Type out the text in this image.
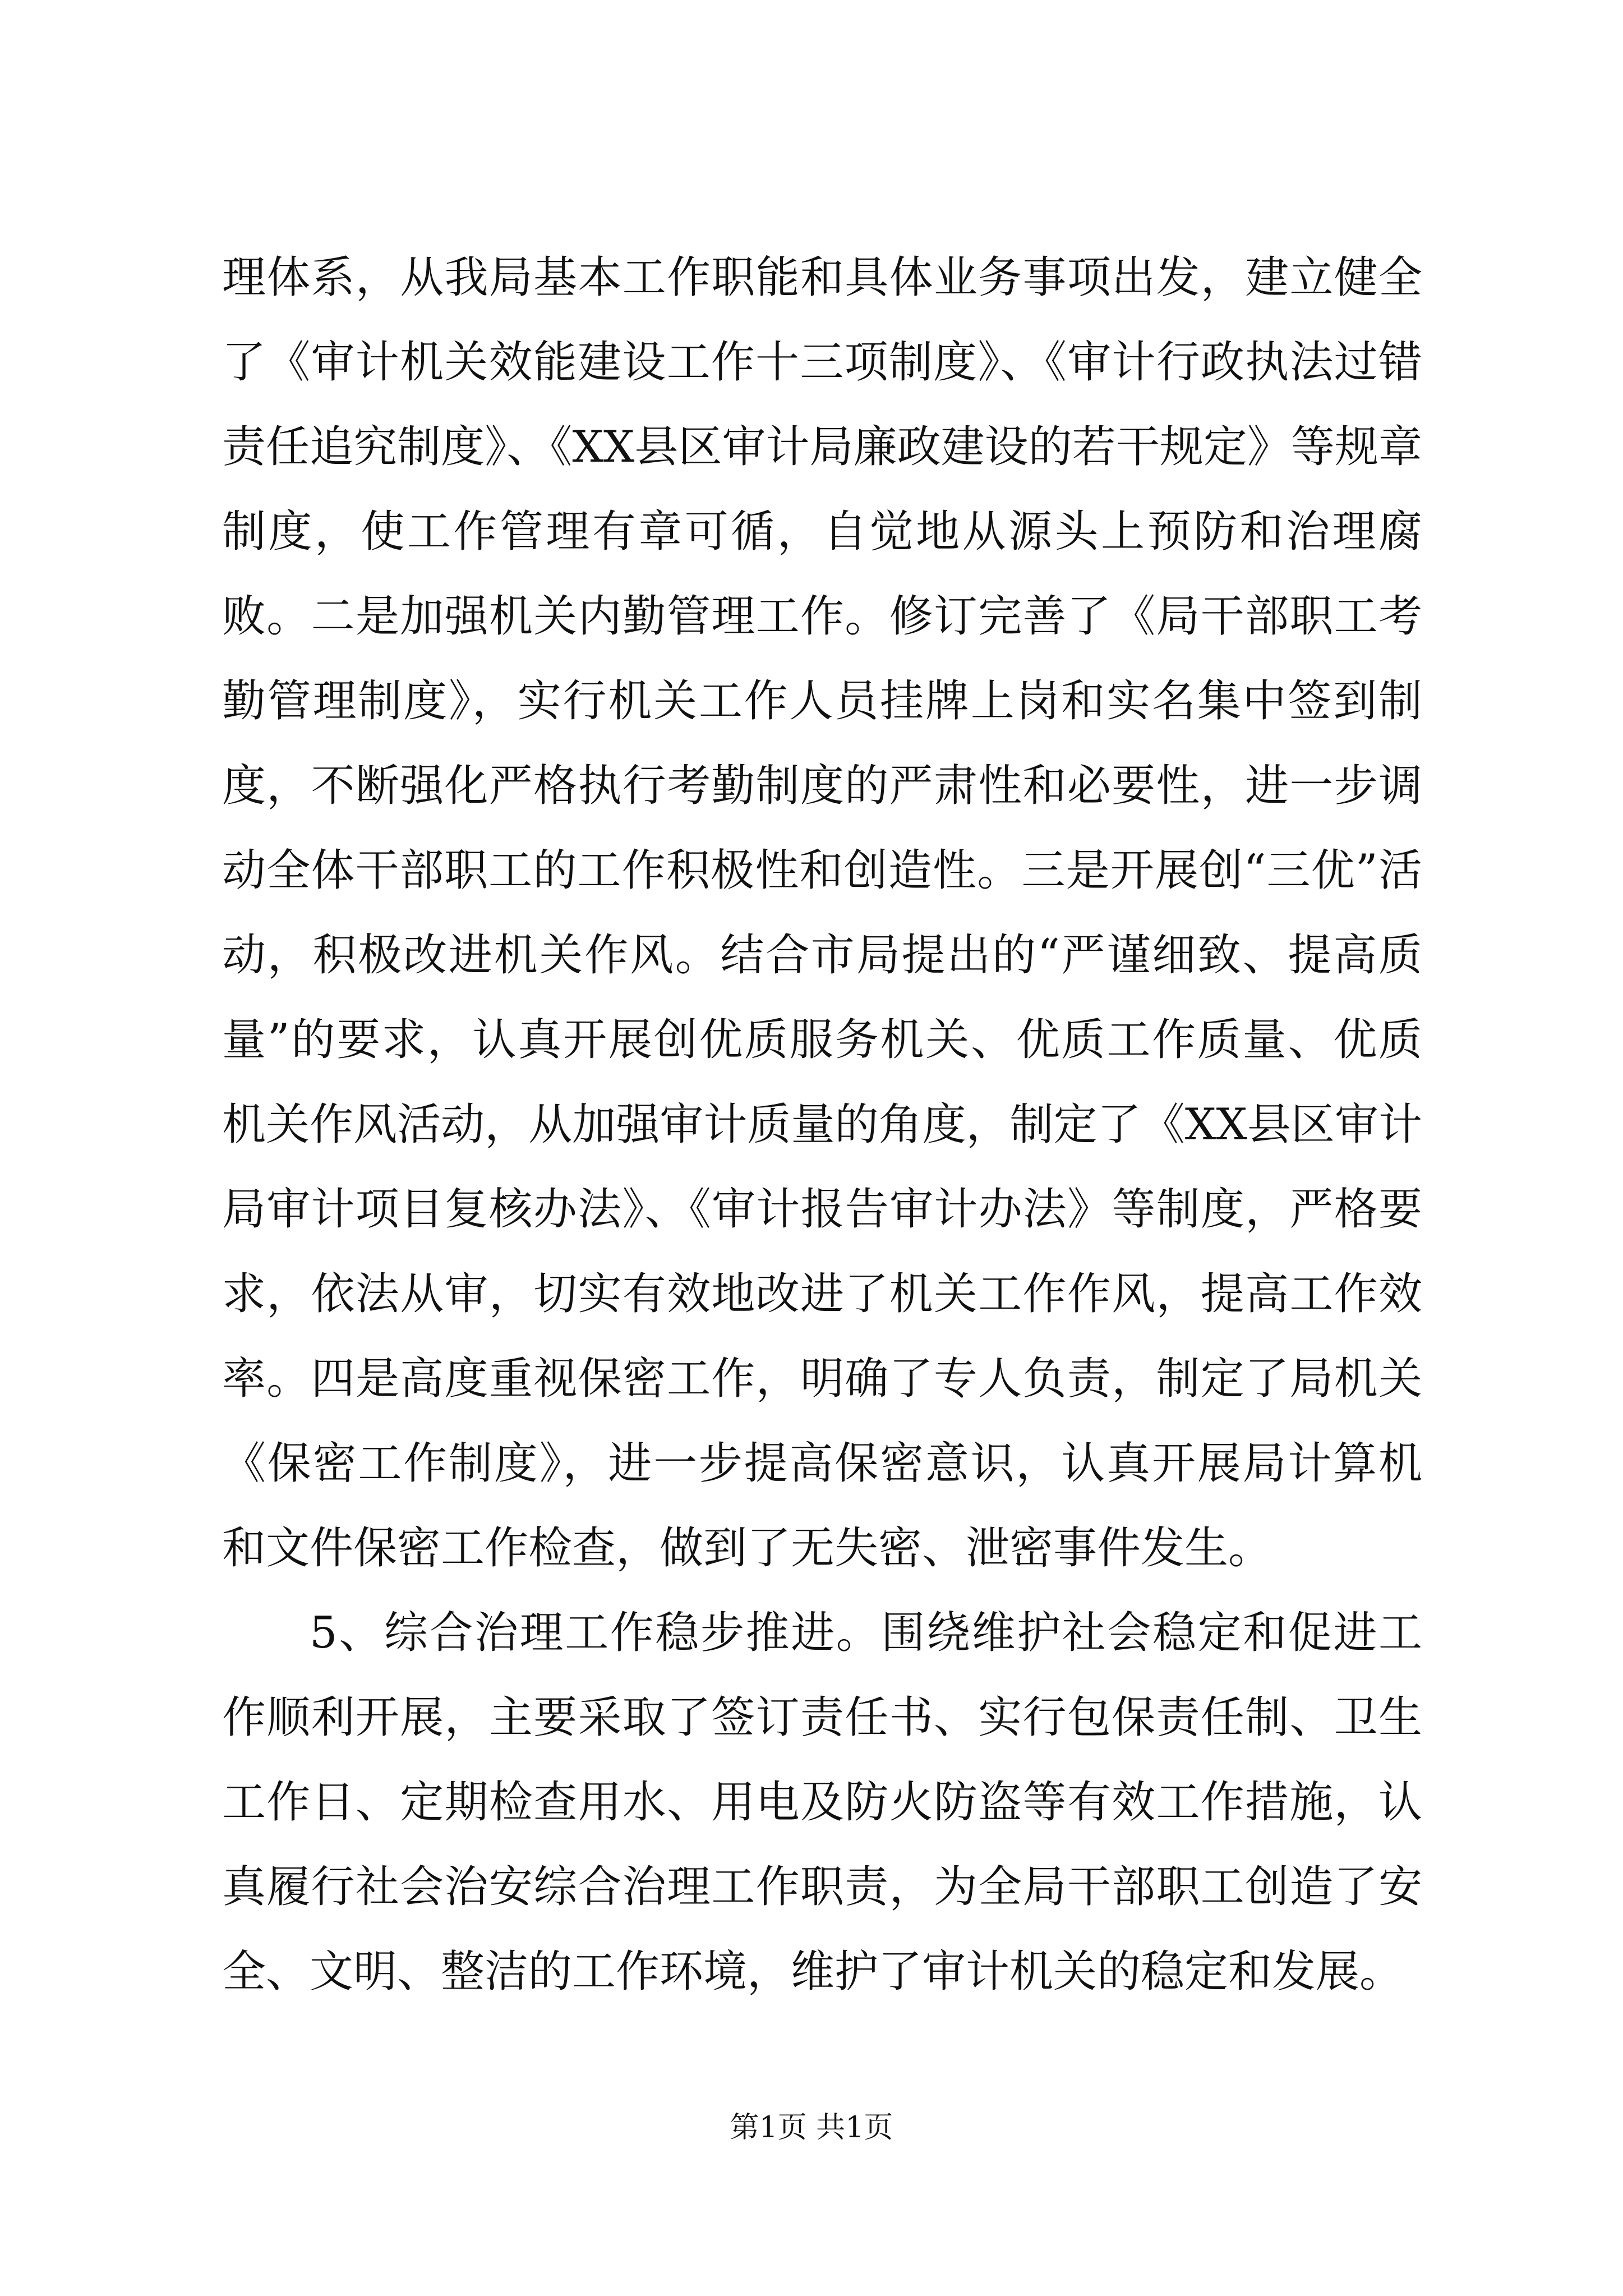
理体系，从我局基本工作职能和具体业务事项出发，建立健全了《审计机关效能建设工作十三项制度》、《审计行政执法过错责任追究制度》、《XX县区审计局廉政建设的若干规定》等规章制度，使工作管理有章可循，自觉地从源头上预防和治理腐败。二是加强机关内勤管理工作。修订完善了《局干部职工考勤管理制度》，实行机关工作人员挂牌上岗和实名集中签到制度，不断强化严格执行考勤制度的严肃性和必要性，进一步调动全体干部职工的工作积极性和创造性。三是开展创“三优”活动，积极改进机关作风。结合市局提出的“严谨细致、提高质量”的要求，认真开展创优质服务机关、优质工作质量、优质机关作风活动，从加强审计质量的角度，制定了《XX县区审计局审计项目复核办法》、《审计报告审计办法》等制度，严格要求，依法从审，切实有效地改进了机关工作作风，提高工作效率。四是高度重视保密工作，明确了专人负责，制定了局机关《保密工作制度》，进一步提高保密意识，认真开展局计算机和文件保密工作检查，做到了无失密、泄密事件发生。

5、综合治理工作稳步推进。围绕维护社会稳定和促进工作顺利开展，主要采取了签订责任书、实行包保责任制、卫生工作日、定期检查用水、用电及防火防盗等有效工作措施，认真履行社会治安综合治理工作职责，为全局干部职工创造了安全、文明、整洁的工作环境，维护了审计机关的稳定和发展。

第1页 共1页
